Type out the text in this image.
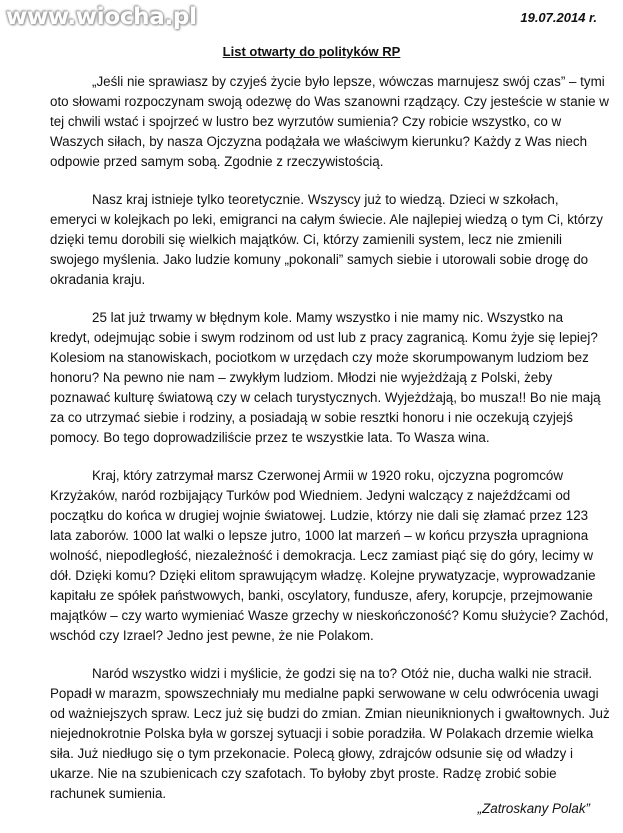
www.wiocha.pl	19.07.2014 r.
List otwarty do polityków RP
„Jeśli nie sprawiasz by czyjeś życie było lepsze, wówczas marnujesz swój czas” – tymi
oto słowami rozpoczynam swoją odezwę do Was szanowni rządzący. Czy jesteście w stanie w
tej chwili wstać i spojrzeć w lustro bez wyrzutów sumienia? Czy robicie wszystko, co w
Waszych siłach, by nasza Ojczyzna podążała we właściwym kierunku? Każdy z Was niech
odpowie przed samym sobą. Zgodnie z rzeczywistością.
Nasz kraj istnieje tylko teoretycznie. Wszyscy już to wiedzą. Dzieci w szkołach,
emeryci w kolejkach po leki, emigranci na całym świecie. Ale najlepiej wiedzą o tym Ci, którzy
dzięki temu dorobili się wielkich majątków. Ci, którzy zamienili system, lecz nie zmienili
swojego myślenia. Jako ludzie komuny „pokonali” samych siebie i utorowali sobie drogę do
okradania kraju.
25 lat już trwamy w błędnym kole. Mamy wszystko i nie mamy nic. Wszystko na
kredyt, odejmując sobie i swym rodzinom od ust lub z pracy zagranicą. Komu żyje się lepiej?
Kolesiom na stanowiskach, pociotkom w urzędach czy może skorumpowanym ludziom bez
honoru? Na pewno nie nam – zwykłym ludziom. Młodzi nie wyjeżdżają z Polski, żeby
poznawać kulturę światową czy w celach turystycznych. Wyjeżdżają, bo musza!! Bo nie mają
za co utrzymać siebie i rodziny, a posiadają w sobie resztki honoru i nie oczekują czyjejś
pomocy. Bo tego doprowadziliście przez te wszystkie lata. To Wasza wina.
Kraj, który zatrzymał marsz Czerwonej Armii w 1920 roku, ojczyzna pogromców
Krzyżaków, naród rozbijający Turków pod Wiedniem. Jedyni walczący z najeźdźcami od
początku do końca w drugiej wojnie światowej. Ludzie, którzy nie dali się złamać przez 123
lata zaborów. 1000 lat walki o lepsze jutro, 1000 lat marzeń – w końcu przyszła upragniona
wolność, niepodległość, niezależność i demokracja. Lecz zamiast piąć się do góry, lecimy w
dół. Dzięki komu? Dzięki elitom sprawującym władzę. Kolejne prywatyzacje, wyprowadzanie
kapitału ze spółek państwowych, banki, oscylatory, fundusze, afery, korupcje, przejmowanie
majątków – czy warto wymieniać Wasze grzechy w nieskończoność? Komu służycie? Zachód,
wschód czy Izrael? Jedno jest pewne, że nie Polakom.
Naród wszystko widzi i myślicie, że godzi się na to? Otóż nie, ducha walki nie stracił.
Popadł w marazm, spowszechniały mu medialne papki serwowane w celu odwrócenia uwagi
od ważniejszych spraw. Lecz już się budzi do zmian. Zmian nieuniknionych i gwałtownych. Już
niejednokrotnie Polska była w gorszej sytuacji i sobie poradziła. W Polakach drzemie wielka
siła. Już niedługo się o tym przekonacie. Polecą głowy, zdrajców odsunie się od władzy i
ukarze. Nie na szubienicach czy szafotach. To byłoby zbyt proste. Radzę zrobić sobie
rachunek sumienia.
„Zatroskany Polak”
